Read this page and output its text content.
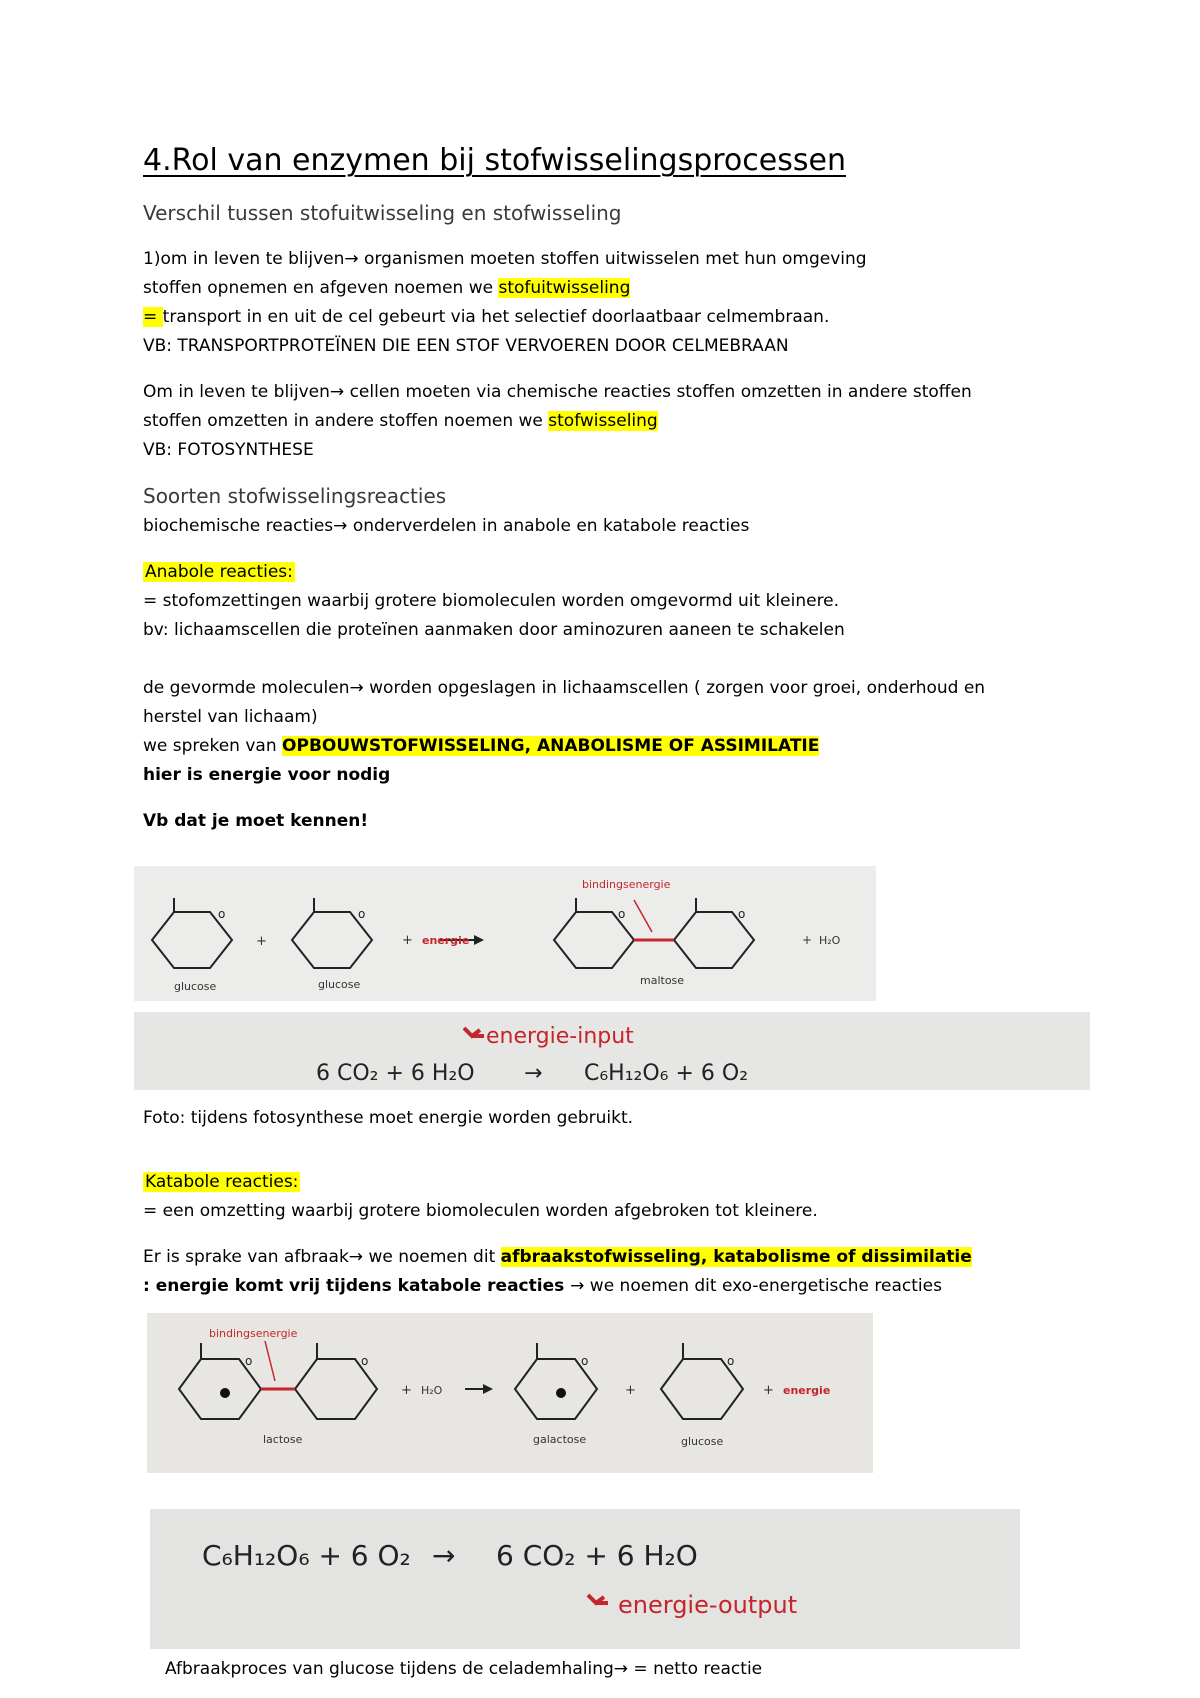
4.Rol van enzymen bij stofwisselingsprocessen
Verschil tussen stofuitwisseling en stofwisseling
1)om in leven te blijven→ organismen moeten stoffen uitwisselen met hun omgeving
stoffen opnemen en afgeven noemen we stofuitwisseling
= transport in en uit de cel gebeurt via het selectief doorlaatbaar celmembraan.
VB: TRANSPORTPROTEÏNEN DIE EEN STOF VERVOEREN DOOR CELMEBRAAN
Om in leven te blijven→ cellen moeten via chemische reacties stoffen omzetten in andere stoffen
stoffen omzetten in andere stoffen noemen we stofwisseling
VB: FOTOSYNTHESE
Soorten stofwisselingsreacties
biochemische reacties→ onderverdelen in anabole en katabole reacties
Anabole reacties:
= stofomzettingen waarbij grotere biomoleculen worden omgevormd uit kleinere.
bv: lichaamscellen die proteïnen aanmaken door aminozuren aaneen te schakelen
de gevormde moleculen→ worden opgeslagen in lichaamscellen ( zorgen voor groei, onderhoud en
herstel van lichaam)
we spreken van OPBOUWSTOFWISSELING, ANABOLISME OF ASSIMILATIE
hier is energie voor nodig
Vb dat je moet kennen!
o	o	o	o
glucose	glucose
+	+ energie
bindingsenergie
maltose
+ H₂O
energie-input
6 CO₂ + 6 H₂O → C₆H₁₂O₆ + 6 O₂
Foto: tijdens fotosynthese moet energie worden gebruikt.
Katabole reacties:
= een omzetting waarbij grotere biomoleculen worden afgebroken tot kleinere.
Er is sprake van afbraak→ we noemen dit afbraakstofwisseling, katabolisme of dissimilatie
: energie komt vrij tijdens katabole reacties → we noemen dit exo-energetische reacties
o	o	o	o
bindingsenergie
+ H₂O	+	+ energie
lactose	galactose	glucose
C₆H₁₂O₆ + 6 O₂ → 6 CO₂ + 6 H₂O
energie-output
Afbraakproces van glucose tijdens de celademhaling→ = netto reactie
